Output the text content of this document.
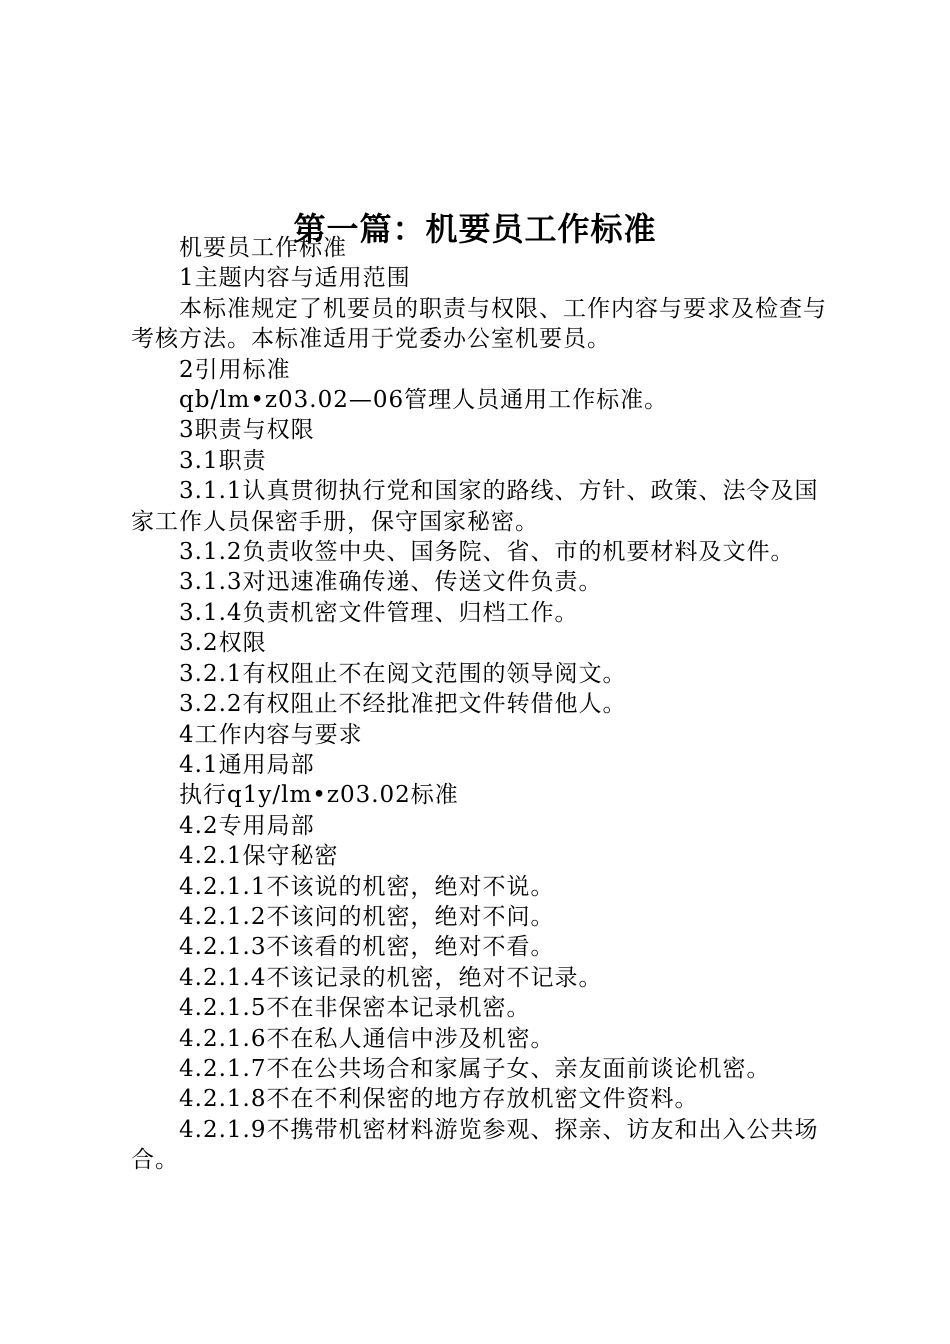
第一篇：机要员工作标准

机要员工作标准

1主题内容与适用范围

本标准规定了机要员的职责与权限、工作内容与要求及检查与考核方法。本标准适用于党委办公室机要员。

2引用标准

qb/lm•z03.02—06管理人员通用工作标准。

3职责与权限

3.1职责

3.1.1认真贯彻执行党和国家的路线、方针、政策、法令及国家工作人员保密手册，保守国家秘密。

3.1.2负责收签中央、国务院、省、市的机要材料及文件。

3.1.3对迅速准确传递、传送文件负责。

3.1.4负责机密文件管理、归档工作。

3.2权限

3.2.1有权阻止不在阅文范围的领导阅文。

3.2.2有权阻止不经批准把文件转借他人。

4工作内容与要求

4.1通用局部

执行q1y/lm•z03.02标准

4.2专用局部

4.2.1保守秘密

4.2.1.1不该说的机密，绝对不说。

4.2.1.2不该问的机密，绝对不问。

4.2.1.3不该看的机密，绝对不看。

4.2.1.4不该记录的机密，绝对不记录。

4.2.1.5不在非保密本记录机密。

4.2.1.6不在私人通信中涉及机密。

4.2.1.7不在公共场合和家属子女、亲友面前谈论机密。

4.2.1.8不在不利保密的地方存放机密文件资料。

4.2.1.9不携带机密材料游览参观、探亲、访友和出入公共场合。
